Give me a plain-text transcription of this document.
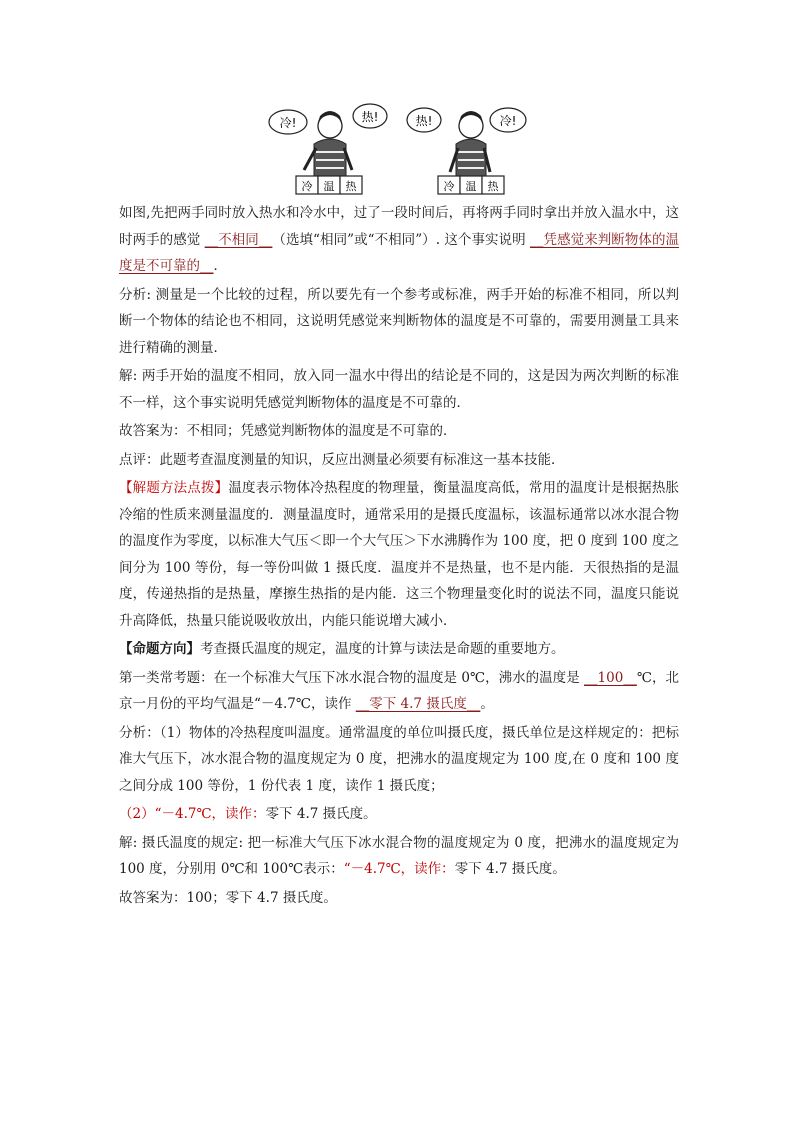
冷!	热!
冷 温 热
热!	冷!
冷 温 热

如图,先把两手同时放入热水和冷水中，过了一段时间后，再将两手同时拿出并放入温水中，这时两手的感觉 __不相同__（选填“相同”或“不相同”）. 这个事实说明 __凭感觉来判断物体的温度是不可靠的__．

分析: 测量是一个比较的过程，所以要先有一个参考或标准，两手开始的标准不相同，所以判断一个物体的结论也不相同，这说明凭感觉来判断物体的温度是不可靠的，需要用测量工具来进行精确的测量．

解: 两手开始的温度不相同，放入同一温水中得出的结论是不同的，这是因为两次判断的标准不一样，这个事实说明凭感觉判断物体的温度是不可靠的．

故答案为：不相同；凭感觉判断物体的温度是不可靠的．

点评：此题考查温度测量的知识，反应出测量必须要有标准这一基本技能．

【解题方法点拨】温度表示物体冷热程度的物理量，衡量温度高低，常用的温度计是根据热胀冷缩的性质来测量温度的．测量温度时，通常采用的是摄氏度温标，该温标通常以冰水混合物的温度作为零度，以标准大气压＜即一个大气压＞下水沸腾作为 100 度，把 0 度到 100 度之间分为 100 等份，每一等份叫做 1 摄氏度．温度并不是热量，也不是内能．天很热指的是温度，传递热指的是热量，摩擦生热指的是内能．这三个物理量变化时的说法不同，温度只能说升高降低，热量只能说吸收放出，内能只能说增大减小．

【命题方向】考查摄氏温度的规定，温度的计算与读法是命题的重要地方。

第一类常考题：在一个标准大气压下冰水混合物的温度是 0℃，沸水的温度是 __100__℃，北京一月份的平均气温是“－4.7℃，读作 __零下 4.7 摄氏度__。

分析：（1）物体的冷热程度叫温度。通常温度的单位叫摄氏度，摄氏单位是这样规定的：把标准大气压下，冰水混合物的温度规定为 0 度，把沸水的温度规定为 100 度,在 0 度和 100 度之间分成 100 等份，1 份代表 1 度，读作 1 摄氏度；

（2）“－4.7℃，读作：零下 4.7 摄氏度。

解: 摄氏温度的规定: 把一标准大气压下冰水混合物的温度规定为 0 度，把沸水的温度规定为 100 度，分别用 0℃和 100℃表示：“－4.7℃，读作：零下 4.7 摄氏度。

故答案为：100；零下 4.7 摄氏度。
